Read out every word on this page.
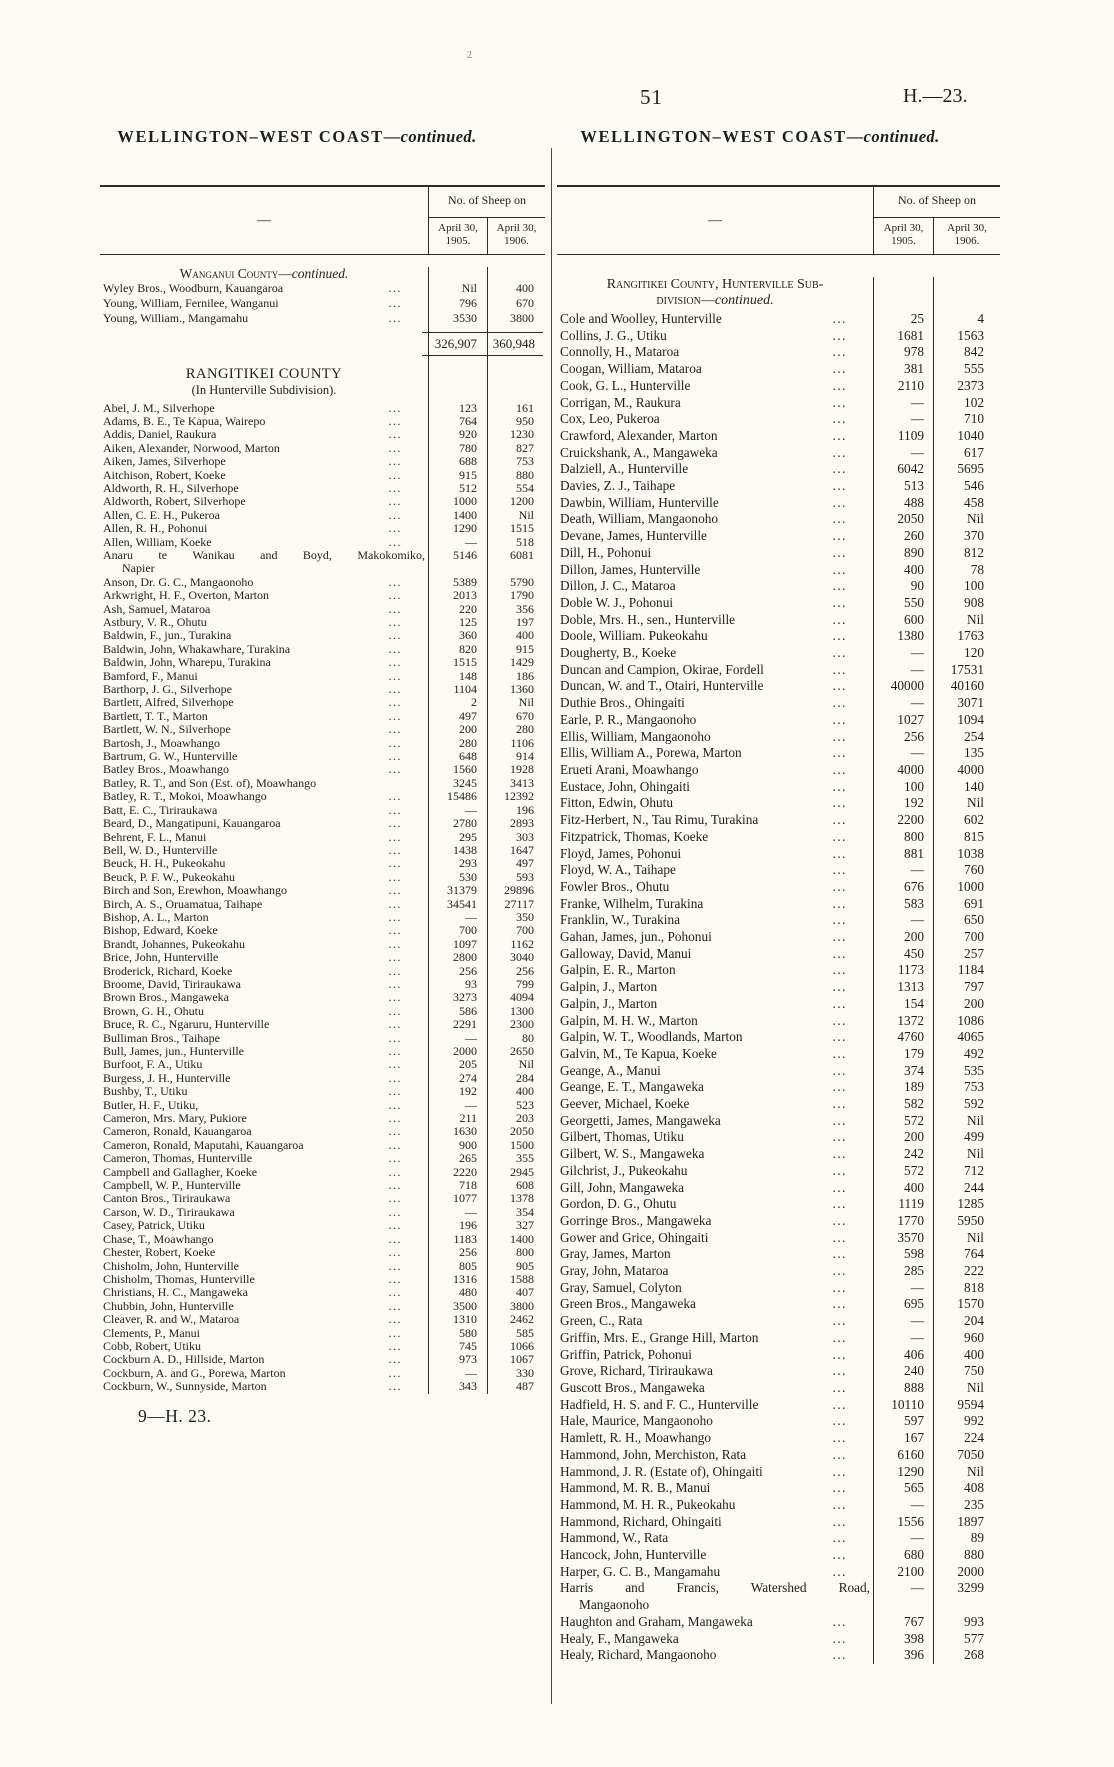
2
51	H.—23.
WELLINGTON–WEST COAST—continued.	WELLINGTON–WEST COAST—continued.
—
No. of Sheep on
April 30, 1905.
April 30, 1906.
Wanganui County—continued.
Wyley Bros., Woodburn, Kauangaroa	...	Nil	400
Young, William, Fernilee, Wanganui	...	796	670
Young, William., Mangamahu	...	3530	3800
326,907	360,948
RANGITIKEI COUNTY
(In Hunterville Subdivision).
Abel, J. M., Silverhope	...	123	161
Adams, B. E., Te Kapua, Wairepo	...	764	950
Addis, Daniel, Raukura	...	920	1230
Aiken, Alexander, Norwood, Marton	...	780	827
Aiken, James, Silverhope	...	688	753
Aitchison, Robert, Koeke	...	915	880
Aldworth, R. H., Silverhope	...	512	554
Aldworth, Robert, Silverhope	...	1000	1200
Allen, C. E. H., Pukeroa	...	1400	Nil
Allen, R. H., Pohonui	...	1290	1515
Allen, William, Koeke	...	—	518
Anaru te Wanikau and Boyd, Makokomiko,
Napier
5146	6081
Anson, Dr. G. C., Mangaonoho	...	5389	5790
Arkwright, H. F., Overton, Marton	...	2013	1790
Ash, Samuel, Mataroa	...	220	356
Astbury, V. R., Ohutu	...	125	197
Baldwin, F., jun., Turakina	...	360	400
Baldwin, John, Whakawhare, Turakina	...	820	915
Baldwin, John, Wharepu, Turakina	...	1515	1429
Bamford, F., Manui	...	148	186
Barthorp, J. G., Silverhope	...	1104	1360
Bartlett, Alfred, Silverhope	...	2	Nil
Bartlett, T. T., Marton	...	497	670
Bartlett, W. N., Silverhope	...	200	280
Bartosh, J., Moawhango	...	280	1106
Bartrum, G. W., Hunterville	...	648	914
Batley Bros., Moawhango	...	1560	1928
Batley, R. T., and Son (Est. of), Moawhango	3245	3413
Batley, R. T., Mokoi, Moawhango	...	15486	12392
Batt, E. C., Tiriraukawa	...	—	196
Beard, D., Mangatipuni, Kauangaroa	...	2780	2893
Behrent, F. L., Manui	...	295	303
Bell, W. D., Hunterville	...	1438	1647
Beuck, H. H., Pukeokahu	...	293	497
Beuck, P. F. W., Pukeokahu	...	530	593
Birch and Son, Erewhon, Moawhango	...	31379	29896
Birch, A. S., Oruamatua, Taihape	...	34541	27117
Bishop, A. L., Marton	...	—	350
Bishop, Edward, Koeke	...	700	700
Brandt, Johannes, Pukeokahu	...	1097	1162
Brice, John, Hunterville	...	2800	3040
Broderick, Richard, Koeke	...	256	256
Broome, David, Tiriraukawa	...	93	799
Brown Bros., Mangaweka	...	3273	4094
Brown, G. H., Ohutu	...	586	1300
Bruce, R. C., Ngaruru, Hunterville	...	2291	2300
Bulliman Bros., Taihape	...	—	80
Bull, James, jun., Hunterville	...	2000	2650
Burfoot, F. A., Utiku	...	205	Nil
Burgess, J. H., Hunterville	...	274	284
Bushby, T., Utiku	...	192	400
Butler, H. F., Utiku,	...	—	523
Cameron, Mrs. Mary, Pukiore	...	211	203
Cameron, Ronald, Kauangaroa	...	1630	2050
Cameron, Ronald, Maputahi, Kauangaroa	...	900	1500
Cameron, Thomas, Hunterville	...	265	355
Campbell and Gallagher, Koeke	...	2220	2945
Campbell, W. P., Hunterville	...	718	608
Canton Bros., Tiriraukawa	...	1077	1378
Carson, W. D., Tiriraukawa	...	—	354
Casey, Patrick, Utiku	...	196	327
Chase, T., Moawhango	...	1183	1400
Chester, Robert, Koeke	...	256	800
Chisholm, John, Hunterville	...	805	905
Chisholm, Thomas, Hunterville	...	1316	1588
Christians, H. C., Mangaweka	...	480	407
Chubbin, John, Hunterville	...	3500	3800
Cleaver, R. and W., Mataroa	...	1310	2462
Clements, P., Manui	...	580	585
Cobb, Robert, Utiku	...	745	1066
Cockburn A. D., Hillside, Marton	...	973	1067
Cockburn, A. and G., Porewa, Marton	...	—	330
Cockburn, W., Sunnyside, Marton	...	343	487
—
No. of Sheep on
April 30, 1905.
April 30, 1906.
Rangitikei County, Hunterville Sub-
division—continued.
Cole and Woolley, Hunterville	...	25	4
Collins, J. G., Utiku	...	1681	1563
Connolly, H., Mataroa	...	978	842
Coogan, William, Mataroa	...	381	555
Cook, G. L., Hunterville	...	2110	2373
Corrigan, M., Raukura	...	—	102
Cox, Leo, Pukeroa	...	—	710
Crawford, Alexander, Marton	...	1109	1040
Cruickshank, A., Mangaweka	...	—	617
Dalziell, A., Hunterville	...	6042	5695
Davies, Z. J., Taihape	...	513	546
Dawbin, William, Hunterville	...	488	458
Death, William, Mangaonoho	...	2050	Nil
Devane, James, Hunterville	...	260	370
Dill, H., Pohonui	...	890	812
Dillon, James, Hunterville	...	400	78
Dillon, J. C., Mataroa	...	90	100
Doble W. J., Pohonui	...	550	908
Doble, Mrs. H., sen., Hunterville	...	600	Nil
Doole, William. Pukeokahu	...	1380	1763
Dougherty, B., Koeke	...	—	120
Duncan and Campion, Okirae, Fordell	...	—	17531
Duncan, W. and T., Otairi, Hunterville	...	40000	40160
Duthie Bros., Ohingaiti	...	—	3071
Earle, P. R., Mangaonoho	...	1027	1094
Ellis, William, Mangaonoho	...	256	254
Ellis, William A., Porewa, Marton	...	—	135
Erueti Arani, Moawhango	...	4000	4000
Eustace, John, Ohingaiti	...	100	140
Fitton, Edwin, Ohutu	...	192	Nil
Fitz-Herbert, N., Tau Rimu, Turakina	...	2200	602
Fitzpatrick, Thomas, Koeke	...	800	815
Floyd, James, Pohonui	...	881	1038
Floyd, W. A., Taihape	...	—	760
Fowler Bros., Ohutu	...	676	1000
Franke, Wilhelm, Turakina	...	583	691
Franklin, W., Turakina	...	—	650
Gahan, James, jun., Pohonui	...	200	700
Galloway, David, Manui	...	450	257
Galpin, E. R., Marton	...	1173	1184
Galpin, J., Marton	...	1313	797
Galpin, J., Marton	...	154	200
Galpin, M. H. W., Marton	...	1372	1086
Galpin, W. T., Woodlands, Marton	...	4760	4065
Galvin, M., Te Kapua, Koeke	...	179	492
Geange, A., Manui	...	374	535
Geange, E. T., Mangaweka	...	189	753
Geever, Michael, Koeke	...	582	592
Georgetti, James, Mangaweka	...	572	Nil
Gilbert, Thomas, Utiku	...	200	499
Gilbert, W. S., Mangaweka	...	242	Nil
Gilchrist, J., Pukeokahu	...	572	712
Gill, John, Mangaweka	...	400	244
Gordon, D. G., Ohutu	...	1119	1285
Gorringe Bros., Mangaweka	...	1770	5950
Gower and Grice, Ohingaiti	...	3570	Nil
Gray, James, Marton	...	598	764
Gray, John, Mataroa	...	285	222
Gray, Samuel, Colyton	...	—	818
Green Bros., Mangaweka	...	695	1570
Green, C., Rata	...	—	204
Griffin, Mrs. E., Grange Hill, Marton	...	—	960
Griffin, Patrick, Pohonui	...	406	400
Grove, Richard, Tiriraukawa	...	240	750
Guscott Bros., Mangaweka	...	888	Nil
Hadfield, H. S. and F. C., Hunterville	...	10110	9594
Hale, Maurice, Mangaonoho	...	597	992
Hamlett, R. H., Moawhango	...	167	224
Hammond, John, Merchiston, Rata	...	6160	7050
Hammond, J. R. (Estate of), Ohingaiti	...	1290	Nil
Hammond, M. R. B., Manui	...	565	408
Hammond, M. H. R., Pukeokahu	...	—	235
Hammond, Richard, Ohingaiti	...	1556	1897
Hammond, W., Rata	...	—	89
Hancock, John, Hunterville	...	680	880
Harper, G. C. B., Mangamahu	...	2100	2000
Harris and Francis, Watershed Road,
Mangaonoho
—	3299
Haughton and Graham, Mangaweka	...	767	993
Healy, F., Mangaweka	...	398	577
Healy, Richard, Mangaonoho	...	396	268
9—H. 23.
